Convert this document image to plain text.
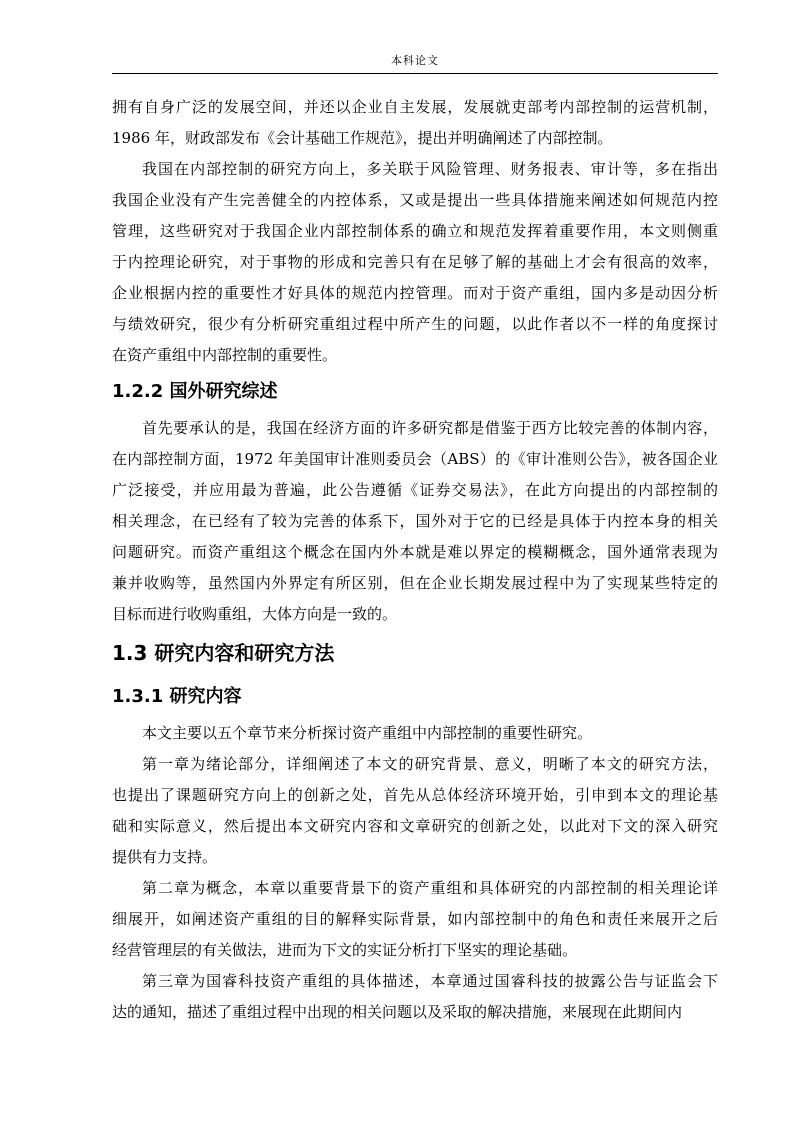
本科论文

拥有自身广泛的发展空间，并还以企业自主发展，发展就吏部考内部控制的运营机制，

1986 年，财政部发布《会计基础工作规范》，提出并明确阐述了内部控制。

我国在内部控制的研究方向上，多关联于风险管理、财务报表、审计等，多在指出

我国企业没有产生完善健全的内控体系，又或是提出一些具体措施来阐述如何规范内控

管理，这些研究对于我国企业内部控制体系的确立和规范发挥着重要作用，本文则侧重

于内控理论研究，对于事物的形成和完善只有在足够了解的基础上才会有很高的效率，

企业根据内控的重要性才好具体的规范内控管理。而对于资产重组，国内多是动因分析

与绩效研究，很少有分析研究重组过程中所产生的问题，以此作者以不一样的角度探讨

在资产重组中内部控制的重要性。

1.2.2 国外研究综述

首先要承认的是，我国在经济方面的许多研究都是借鉴于西方比较完善的体制内容，

在内部控制方面，1972 年美国审计准则委员会（ABS）的《审计准则公告》，被各国企业

广泛接受，并应用最为普遍，此公告遵循《证券交易法》，在此方向提出的内部控制的

相关理念，在已经有了较为完善的体系下，国外对于它的已经是具体于内控本身的相关

问题研究。而资产重组这个概念在国内外本就是难以界定的模糊概念，国外通常表现为

兼并收购等，虽然国内外界定有所区别，但在企业长期发展过程中为了实现某些特定的

目标而进行收购重组，大体方向是一致的。

1.3 研究内容和研究方法
1.3.1 研究内容

本文主要以五个章节来分析探讨资产重组中内部控制的重要性研究。

第一章为绪论部分，详细阐述了本文的研究背景、意义，明晰了本文的研究方法，

也提出了课题研究方向上的创新之处，首先从总体经济环境开始，引申到本文的理论基

础和实际意义，然后提出本文研究内容和文章研究的创新之处，以此对下文的深入研究

提供有力支持。

第二章为概念，本章以重要背景下的资产重组和具体研究的内部控制的相关理论详

细展开，如阐述资产重组的目的解释实际背景，如内部控制中的角色和责任来展开之后

经营管理层的有关做法，进而为下文的实证分析打下坚实的理论基础。

第三章为国睿科技资产重组的具体描述，本章通过国睿科技的披露公告与证监会下

达的通知，描述了重组过程中出现的相关问题以及采取的解决措施，来展现在此期间内
